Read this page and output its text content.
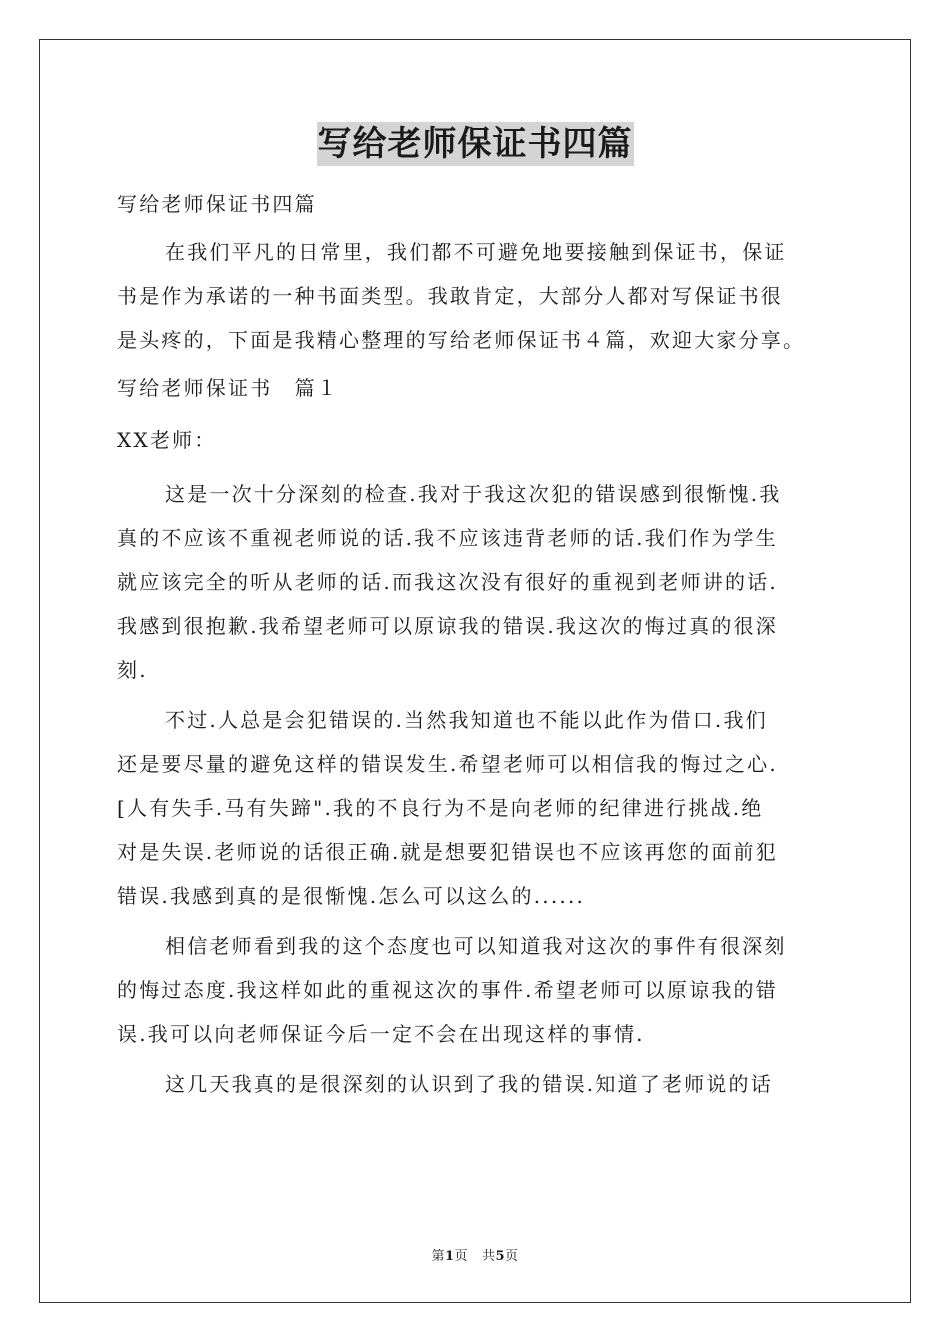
写给老师保证书四篇
写给老师保证书四篇
在我们平凡的日常里，我们都不可避免地要接触到保证书，保证
书是作为承诺的一种书面类型。我敢肯定，大部分人都对写保证书很
是头疼的，下面是我精心整理的写给老师保证书４篇，欢迎大家分享。
写给老师保证书　篇１
XX老师：
这是一次十分深刻的检查.我对于我这次犯的错误感到很惭愧.我
真的不应该不重视老师说的话.我不应该违背老师的话.我们作为学生
就应该完全的听从老师的话.而我这次没有很好的重视到老师讲的话.
我感到很抱歉.我希望老师可以原谅我的错误.我这次的悔过真的很深
刻.
不过.人总是会犯错误的.当然我知道也不能以此作为借口.我们
还是要尽量的避免这样的错误发生.希望老师可以相信我的悔过之心.
[人有失手.马有失蹄".我的不良行为不是向老师的纪律进行挑战.绝
对是失误.老师说的话很正确.就是想要犯错误也不应该再您的面前犯
错误.我感到真的是很惭愧.怎么可以这么的......
相信老师看到我的这个态度也可以知道我对这次的事件有很深刻
的悔过态度.我这样如此的重视这次的事件.希望老师可以原谅我的错
误.我可以向老师保证今后一定不会在出现这样的事情.
这几天我真的是很深刻的认识到了我的错误.知道了老师说的话
第1页 共5页
